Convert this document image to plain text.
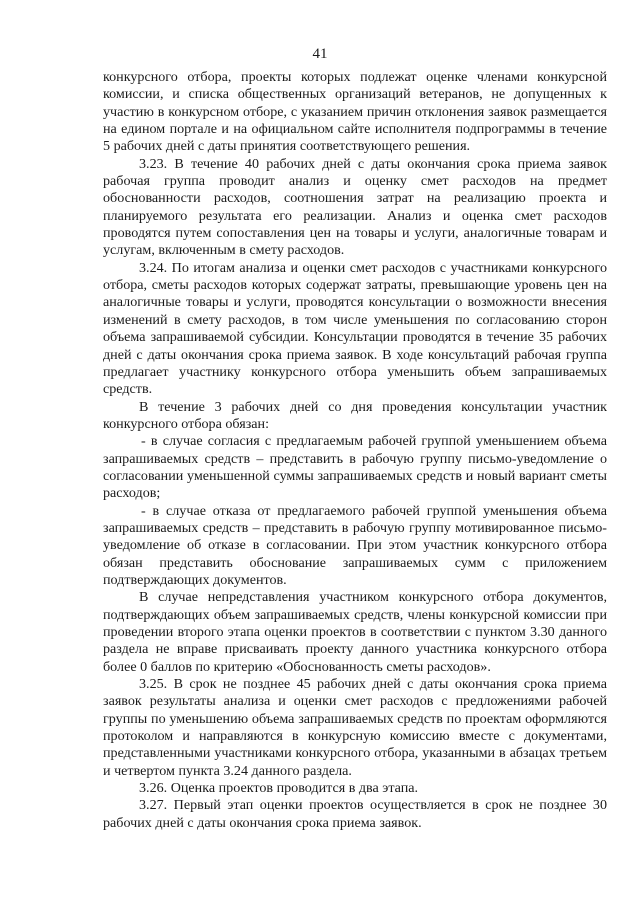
41

конкурсного отбора, проекты которых подлежат оценке членами конкурсной комиссии, и списка общественных организаций ветеранов, не допущенных к участию в конкурсном отборе, с указанием причин отклонения заявок размещается на едином портале и на официальном сайте исполнителя подпрограммы в течение 5 рабочих дней с даты принятия соответствующего решения.

3.23. В течение 40 рабочих дней с даты окончания срока приема заявок рабочая группа проводит анализ и оценку смет расходов на предмет обоснованности расходов, соотношения затрат на реализацию проекта и планируемого результата его реализации. Анализ и оценка смет расходов проводятся путем сопоставления цен на товары и услуги, аналогичные товарам и услугам, включенным в смету расходов.

3.24. По итогам анализа и оценки смет расходов с участниками конкурсного отбора, сметы расходов которых содержат затраты, превышающие уровень цен на аналогичные товары и услуги, проводятся консультации о возможности внесения изменений в смету расходов, в том числе уменьшения по согласованию сторон объема запрашиваемой субсидии. Консультации проводятся в течение 35 рабочих дней с даты окончания срока приема заявок. В ходе консультаций рабочая группа предлагает участнику конкурсного отбора уменьшить объем запрашиваемых средств.

В течение 3 рабочих дней со дня проведения консультации участник конкурсного отбора обязан:

- в случае согласия с предлагаемым рабочей группой уменьшением объема запрашиваемых средств – представить в рабочую группу письмо-уведомление о согласовании уменьшенной суммы запрашиваемых средств и новый вариант сметы расходов;

- в случае отказа от предлагаемого рабочей группой уменьшения объема запрашиваемых средств – представить в рабочую группу мотивированное письмо-уведомление об отказе в согласовании. При этом участник конкурсного отбора обязан представить обоснование запрашиваемых сумм с приложением подтверждающих документов.

В случае непредставления участником конкурсного отбора документов, подтверждающих объем запрашиваемых средств, члены конкурсной комиссии при проведении второго этапа оценки проектов в соответствии с пунктом 3.30 данного раздела не вправе присваивать проекту данного участника конкурсного отбора более 0 баллов по критерию «Обоснованность сметы расходов».

3.25. В срок не позднее 45 рабочих дней с даты окончания срока приема заявок результаты анализа и оценки смет расходов с предложениями рабочей группы по уменьшению объема запрашиваемых средств по проектам оформляются протоколом и направляются в конкурсную комиссию вместе с документами, представленными участниками конкурсного отбора, указанными в абзацах третьем и четвертом пункта 3.24 данного раздела.

3.26. Оценка проектов проводится в два этапа.

3.27. Первый этап оценки проектов осуществляется в срок не позднее 30 рабочих дней с даты окончания срока приема заявок.
